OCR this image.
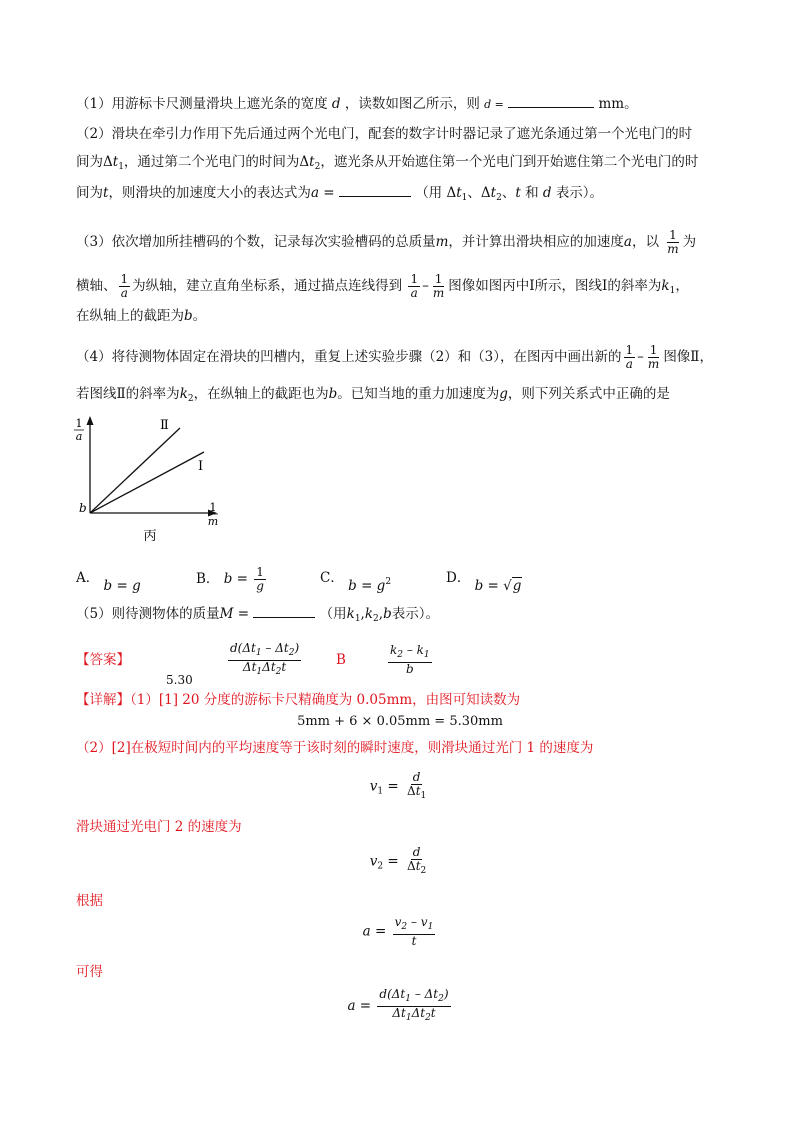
（1）用游标卡尺测量滑块上遮光条的宽度 d ，读数如图乙所示，则 d =	mm。
（2）滑块在牵引力作用下先后通过两个光电门，配套的数字计时器记录了遮光条通过第一个光电门的时
间为$\Delta t_1$，通过第二个光电门的时间为$\Delta t_2$，遮光条从开始遮住第一个光电门到开始遮住第二个光电门的时
间为t，则滑块的加速度大小的表达式为a =	（用 $\Delta t_1$、$\Delta t_2$、t 和 d 表示）。
（3）依次增加所挂槽码的个数，记录每次实验槽码的总质量m，并计算出滑块相应的加速度a，以 $\frac{1}{m}$ 为
横轴、 $\frac{1}{a}$ 为纵轴，建立直角坐标系，通过描点连线得到 $\frac{1}{a} - \frac{1}{m}$ 图像如图丙中Ⅰ所示，图线Ⅰ的斜率为$k_1$，
在纵轴上的截距为b。
（4）将待测物体固定在滑块的凹槽内，重复上述实验步骤（2）和（3），在图丙中画出新的 $\frac{1}{a} - \frac{1}{m}$ 图像Ⅱ，
若图线Ⅱ的斜率为$k_2$，在纵轴上的截距也为b。已知当地的重力加速度为g，则下列关系式中正确的是
1
a
1
m
b
Ⅱ
Ⅰ
丙
A． b = g	B． $b = \frac{1}{g}$	C． $b = g^2$	D． b = √g
（5）则待测物体的质量M =	（用$k_1,k_2,b$表示）。
【答案】
5.30
$\frac{d(\Delta t_1 - \Delta t_2)}{\Delta t_1\Delta t_2t}$	B	$\frac{k_2 - k_1}{b}$
【详解】（1）[1] 20 分度的游标卡尺精确度为 0.05mm，由图可知读数为
5mm + 6 × 0.05mm = 5.30mm
（2）[2]在极短时间内的平均速度等于该时刻的瞬时速度，则滑块通过光门 1 的速度为
$v_1 = \frac{d}{\Delta t_1}$
滑块通过光电门 2 的速度为
$v_2 = \frac{d}{\Delta t_2}$
根据
$a = \frac{v_2 - v_1}{t}$
可得
$a = \frac{d(\Delta t_1 - \Delta t_2)}{\Delta t_1\Delta t_2t}$
